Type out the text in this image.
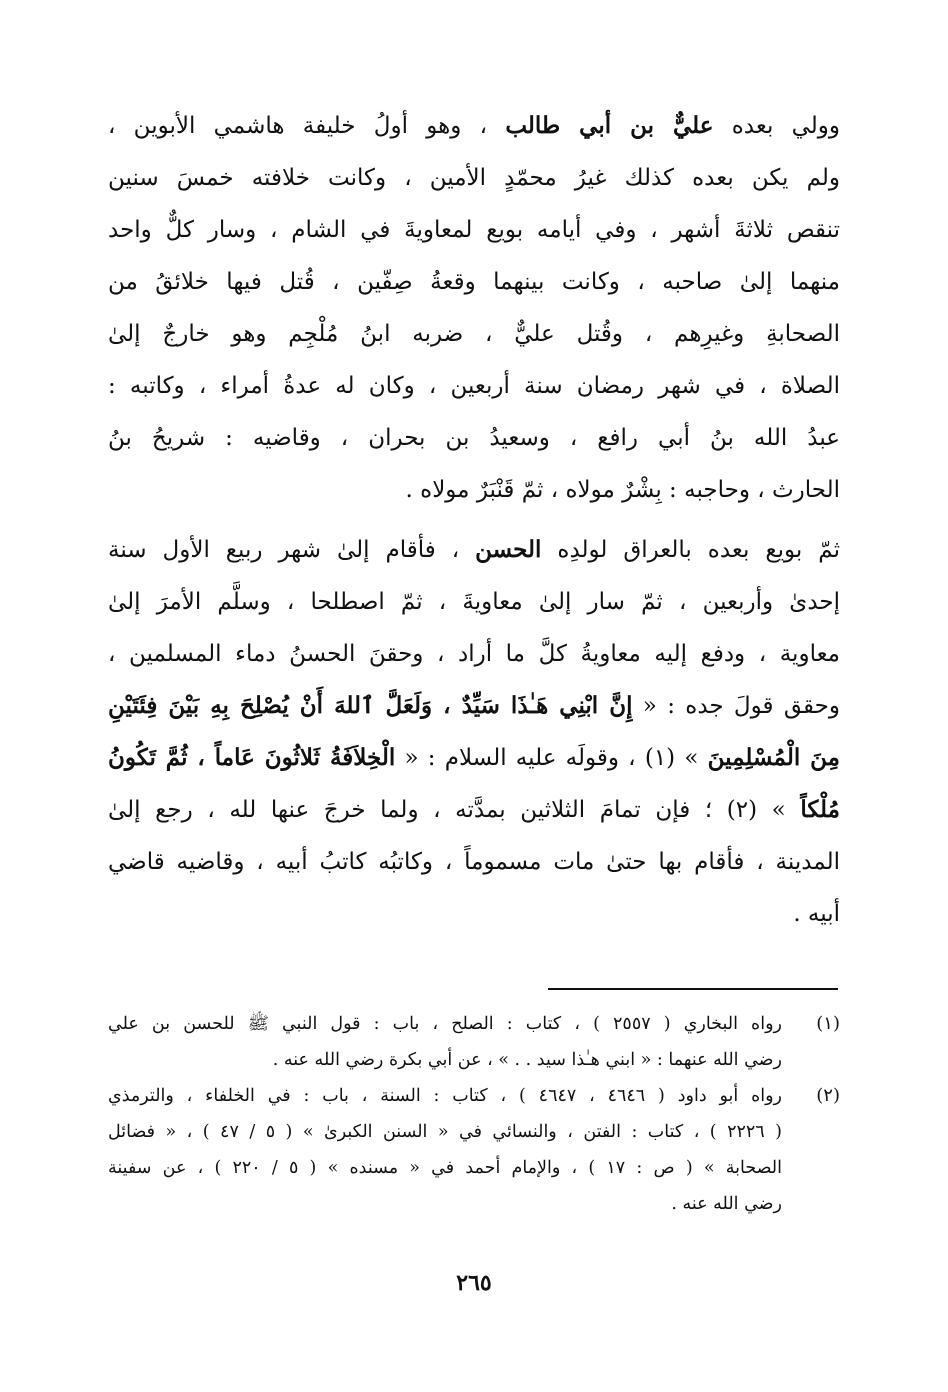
وولي بعده عليٌّ بن أبي طالب ، وهو أولُ خليفة هاشمي الأبوين ،
ولم يكن بعده كذلك غيرُ محمّدٍ الأمين ، وكانت خلافته خمسَ سنين
تنقص ثلاثةَ أشهر ، وفي أيامه بويع لمعاويةَ في الشام ، وسار كلٌّ واحد
منهما إلىٰ صاحبه ، وكانت بينهما وقعةُ صِفّين ، قُتل فيها خلائقُ من
الصحابةِ وغيرِهم ، وقُتل عليٌّ ، ضربه ابنُ مُلْجِم وهو خارجٌ إلىٰ
الصلاة ، في شهر رمضان سنة أربعين ، وكان له عدةُ أمراء ، وكاتبه :
عبدُ الله بنُ أبي رافع ، وسعيدُ بن بحران ، وقاضيه : شريحُ بنُ
الحارث ، وحاجبه : بِشْرٌ مولاه ، ثمّ قَنْبَرٌ مولاه .
ثمّ بويع بعده بالعراق لولدِه الحسن ، فأقام إلىٰ شهر ربيع الأول سنة
إحدىٰ وأربعين ، ثمّ سار إلىٰ معاويةَ ، ثمّ اصطلحا ، وسلَّم الأمرَ إلىٰ
معاوية ، ودفع إليه معاويةُ كلَّ ما أراد ، وحقنَ الحسنُ دماء المسلمين ،
وحقق قولَ جده : « إِنَّ ابْنِي هَـٰذَا سَيِّدٌ ، وَلَعَلَّ ٱللهَ أَنْ يُصْلِحَ بِهِ بَيْنَ فِئَتَيْنِ
مِنَ الْمُسْلِمِينَ » (١) ، وقولَه عليه السلام : « الْخِلاَفَةُ ثَلاثُونَ عَاماً ، ثُمَّ تَكُونُ
مُلْكاً » (٢) ؛ فإن تمامَ الثلاثين بمدَّته ، ولما خرجَ عنها لله ، رجع إلىٰ
المدينة ، فأقام بها حتىٰ مات مسموماً ، وكاتبُه كاتبُ أبيه ، وقاضيه قاضي
أبيه .
(١)
رواه البخاري ( ٢٥٥٧ ) ، كتاب : الصلح ، باب : قول النبي ﷺ للحسن بن علي
رضي الله عنهما : « ابني هـٰذا سيد . . » ، عن أبي بكرة رضي الله عنه .
(٢)
رواه أبو داود ( ٤٦٤٦ ، ٤٦٤٧ ) ، كتاب : السنة ، باب : في الخلفاء ، والترمذي
( ٢٢٢٦ ) ، كتاب : الفتن ، والنسائي في « السنن الكبرىٰ » ( ٥ / ٤٧ ) ، « فضائل
الصحابة » ( ص : ١٧ ) ، والإمام أحمد في « مسنده » ( ٥ / ٢٢٠ ) ، عن سفينة
رضي الله عنه .
٢٦٥
